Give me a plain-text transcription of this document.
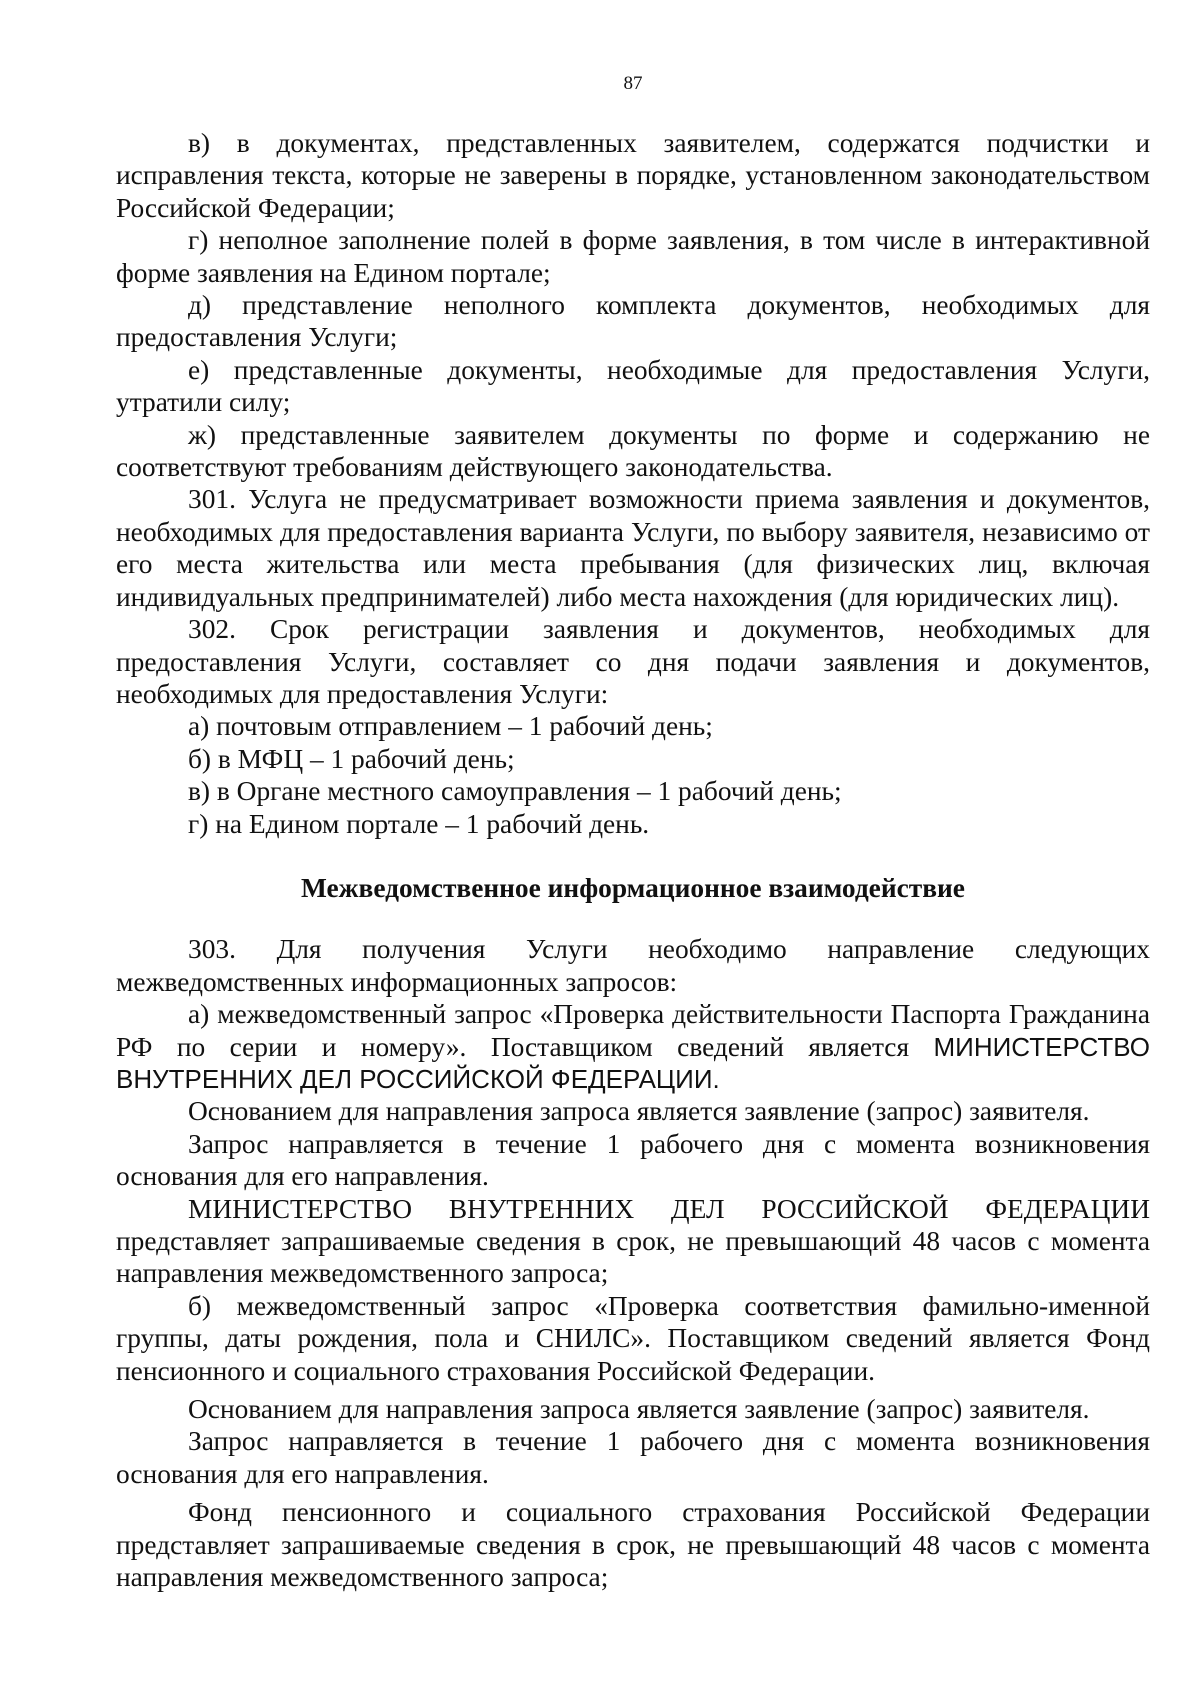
87

в) в документах, представленных заявителем, содержатся подчистки и исправления текста, которые не заверены в порядке, установленном законодательством Российской Федерации;

г) неполное заполнение полей в форме заявления, в том числе в интерактивной форме заявления на Едином портале;

д) представление неполного комплекта документов, необходимых для предоставления Услуги;

е) представленные документы, необходимые для предоставления Услуги, утратили силу;

ж) представленные заявителем документы по форме и содержанию не соответствуют требованиям действующего законодательства.

301. Услуга не предусматривает возможности приема заявления и документов, необходимых для предоставления варианта Услуги, по выбору заявителя, независимо от его места жительства или места пребывания (для физических лиц, включая индивидуальных предпринимателей) либо места нахождения (для юридических лиц).

302. Срок регистрации заявления и документов, необходимых для предоставления Услуги, составляет со дня подачи заявления и документов, необходимых для предоставления Услуги:

а) почтовым отправлением – 1 рабочий день;

б) в МФЦ – 1 рабочий день;

в) в Органе местного самоуправления – 1 рабочий день;

г) на Едином портале – 1 рабочий день.

Межведомственное информационное взаимодействие

303. Для получения Услуги необходимо направление следующих межведомственных информационных запросов:

а) межведомственный запрос «Проверка действительности Паспорта Гражданина РФ по серии и номеру». Поставщиком сведений является МИНИСТЕРСТВО ВНУТРЕННИХ ДЕЛ РОССИЙСКОЙ ФЕДЕРАЦИИ.

Основанием для направления запроса является заявление (запрос) заявителя.

Запрос направляется в течение 1 рабочего дня с момента возникновения основания для его направления.

МИНИСТЕРСТВО ВНУТРЕННИХ ДЕЛ РОССИЙСКОЙ ФЕДЕРАЦИИ представляет запрашиваемые сведения в срок, не превышающий 48 часов с момента направления межведомственного запроса;

б) межведомственный запрос «Проверка соответствия фамильно-именной группы, даты рождения, пола и СНИЛС». Поставщиком сведений является Фонд пенсионного и социального страхования Российской Федерации.

Основанием для направления запроса является заявление (запрос) заявителя.

Запрос направляется в течение 1 рабочего дня с момента возникновения основания для его направления.

Фонд пенсионного и социального страхования Российской Федерации представляет запрашиваемые сведения в срок, не превышающий 48 часов с момента направления межведомственного запроса;
